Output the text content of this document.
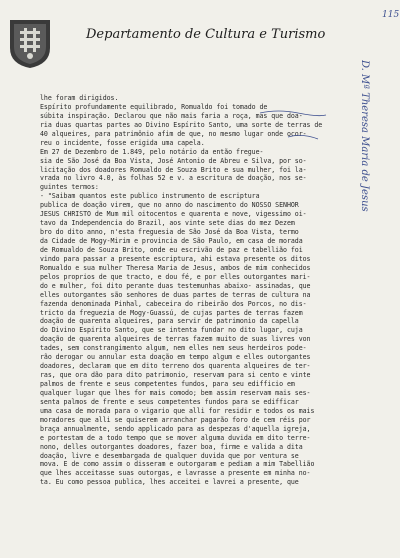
Departamento de Cultura e Turismo
115
D. Mª Theresa Maria de Jesus
lhe foram dirigidos.
Espírito profundamente equilibrado, Romualdo foi tomado de
súbita inspiração. Declarou que não mais faria a roça, mas que doa-
ria duas quartas partes ao Divino Espírito Santo, uma sorte de terras de
40 alqueires, para patrimônio afim de que, no mesmo lugar onde ocor-
reu o incidente, fosse erigida uma capela.
Em 27 de Dezembro de 1.849, pelo notário da então fregue-
sia de São José da Boa Vista, José Antonio de Abreu e Silva, por so-
licitação dos doadores Romualdo de Souza Brito e sua mulher, foi la-
vrada no livro 4.0, às folhas 52 e v. a escritura de doação, nos se-
guintes termos:
- "Saibam quantos este publico instrumento de escriptura
publica de doação virem, que no anno do nascimento do NOSSO SENHOR
JESUS CHRISTO de Mum mil oitocentos e quarenta e nove, vigessimo oi-
tavo da Independencia do Brazil, aos vinte sete dias do mez Dezem
bro do dito anno, n'esta freguesia de São José da Boa Vista, termo
da Cidade de Mogy-Mirim e provincia de São Paulo, em casa de morada
de Romualdo de Souza Brito, onde eu escrivão de paz e tabellião foi
vindo para passar a presente escriptura, ahi estava presente os ditos
Romualdo e sua mulher Theresa Maria de Jesus, ambos de mim conhecidos
pelos proprios de que tracto, e dou fé, e por elles outorgantes mari-
do e mulher, foi dito perante duas testemunhas abaixo- assinadas, que
elles outorgantes são senhores de duas partes de terras de cultura na
fazenda denominada Pinhal, cabeceira do ribeirão dos Porcos, no dis-
tricto da freguezia de Mogy-Guassú, de cujas partes de terras fazem
doação de quarenta alqueires, para servir de patrimonio da capella
do Divino Espirito Santo, que se intenta fundar no dito lugar, cuja
doação de quarenta alqueires de terras fazem muito de suas livres von
tades, sem constrangimento algum, nem elles nem seus herdeiros pode-
rão derogar ou annular esta doação em tempo algum e elles outorgantes
doadores, declaram que em dito terreno dos quarenta alqueires de ter-
ras, que ora dão para dito patrimonio, reservam para si cento e vinte
palmos de frente e seus competentes fundos, para seu edifficio em
qualquer lugar que lhes for mais comodo; bem assim reservam mais ses-
senta palmos de frente e seus competentes fundos para se edifficar
uma casa de morada para o vigario que alli for residir e todos os mais
moradores que alli se quiserem arranchar pagarão foro de cem réis por
braça annualmente, sendo applicado para as despezas d'aquella igreja,
e portestam de a todo tempo que se mover alguma duvida em dito terre-
nono, delles outorgantes doadores, fazer boa, firme e valida a dita
doação, livre e desembargada de qualquer duvida que por ventura se
mova. E de como assim o disseram e outorgaram e pediam a mim Tabellião
que lhes acceitasse suas outorgas, e lavrasse a presente em minha no-
ta. Eu como pessoa publica, lhes acceitei e lavrei a presente, que
